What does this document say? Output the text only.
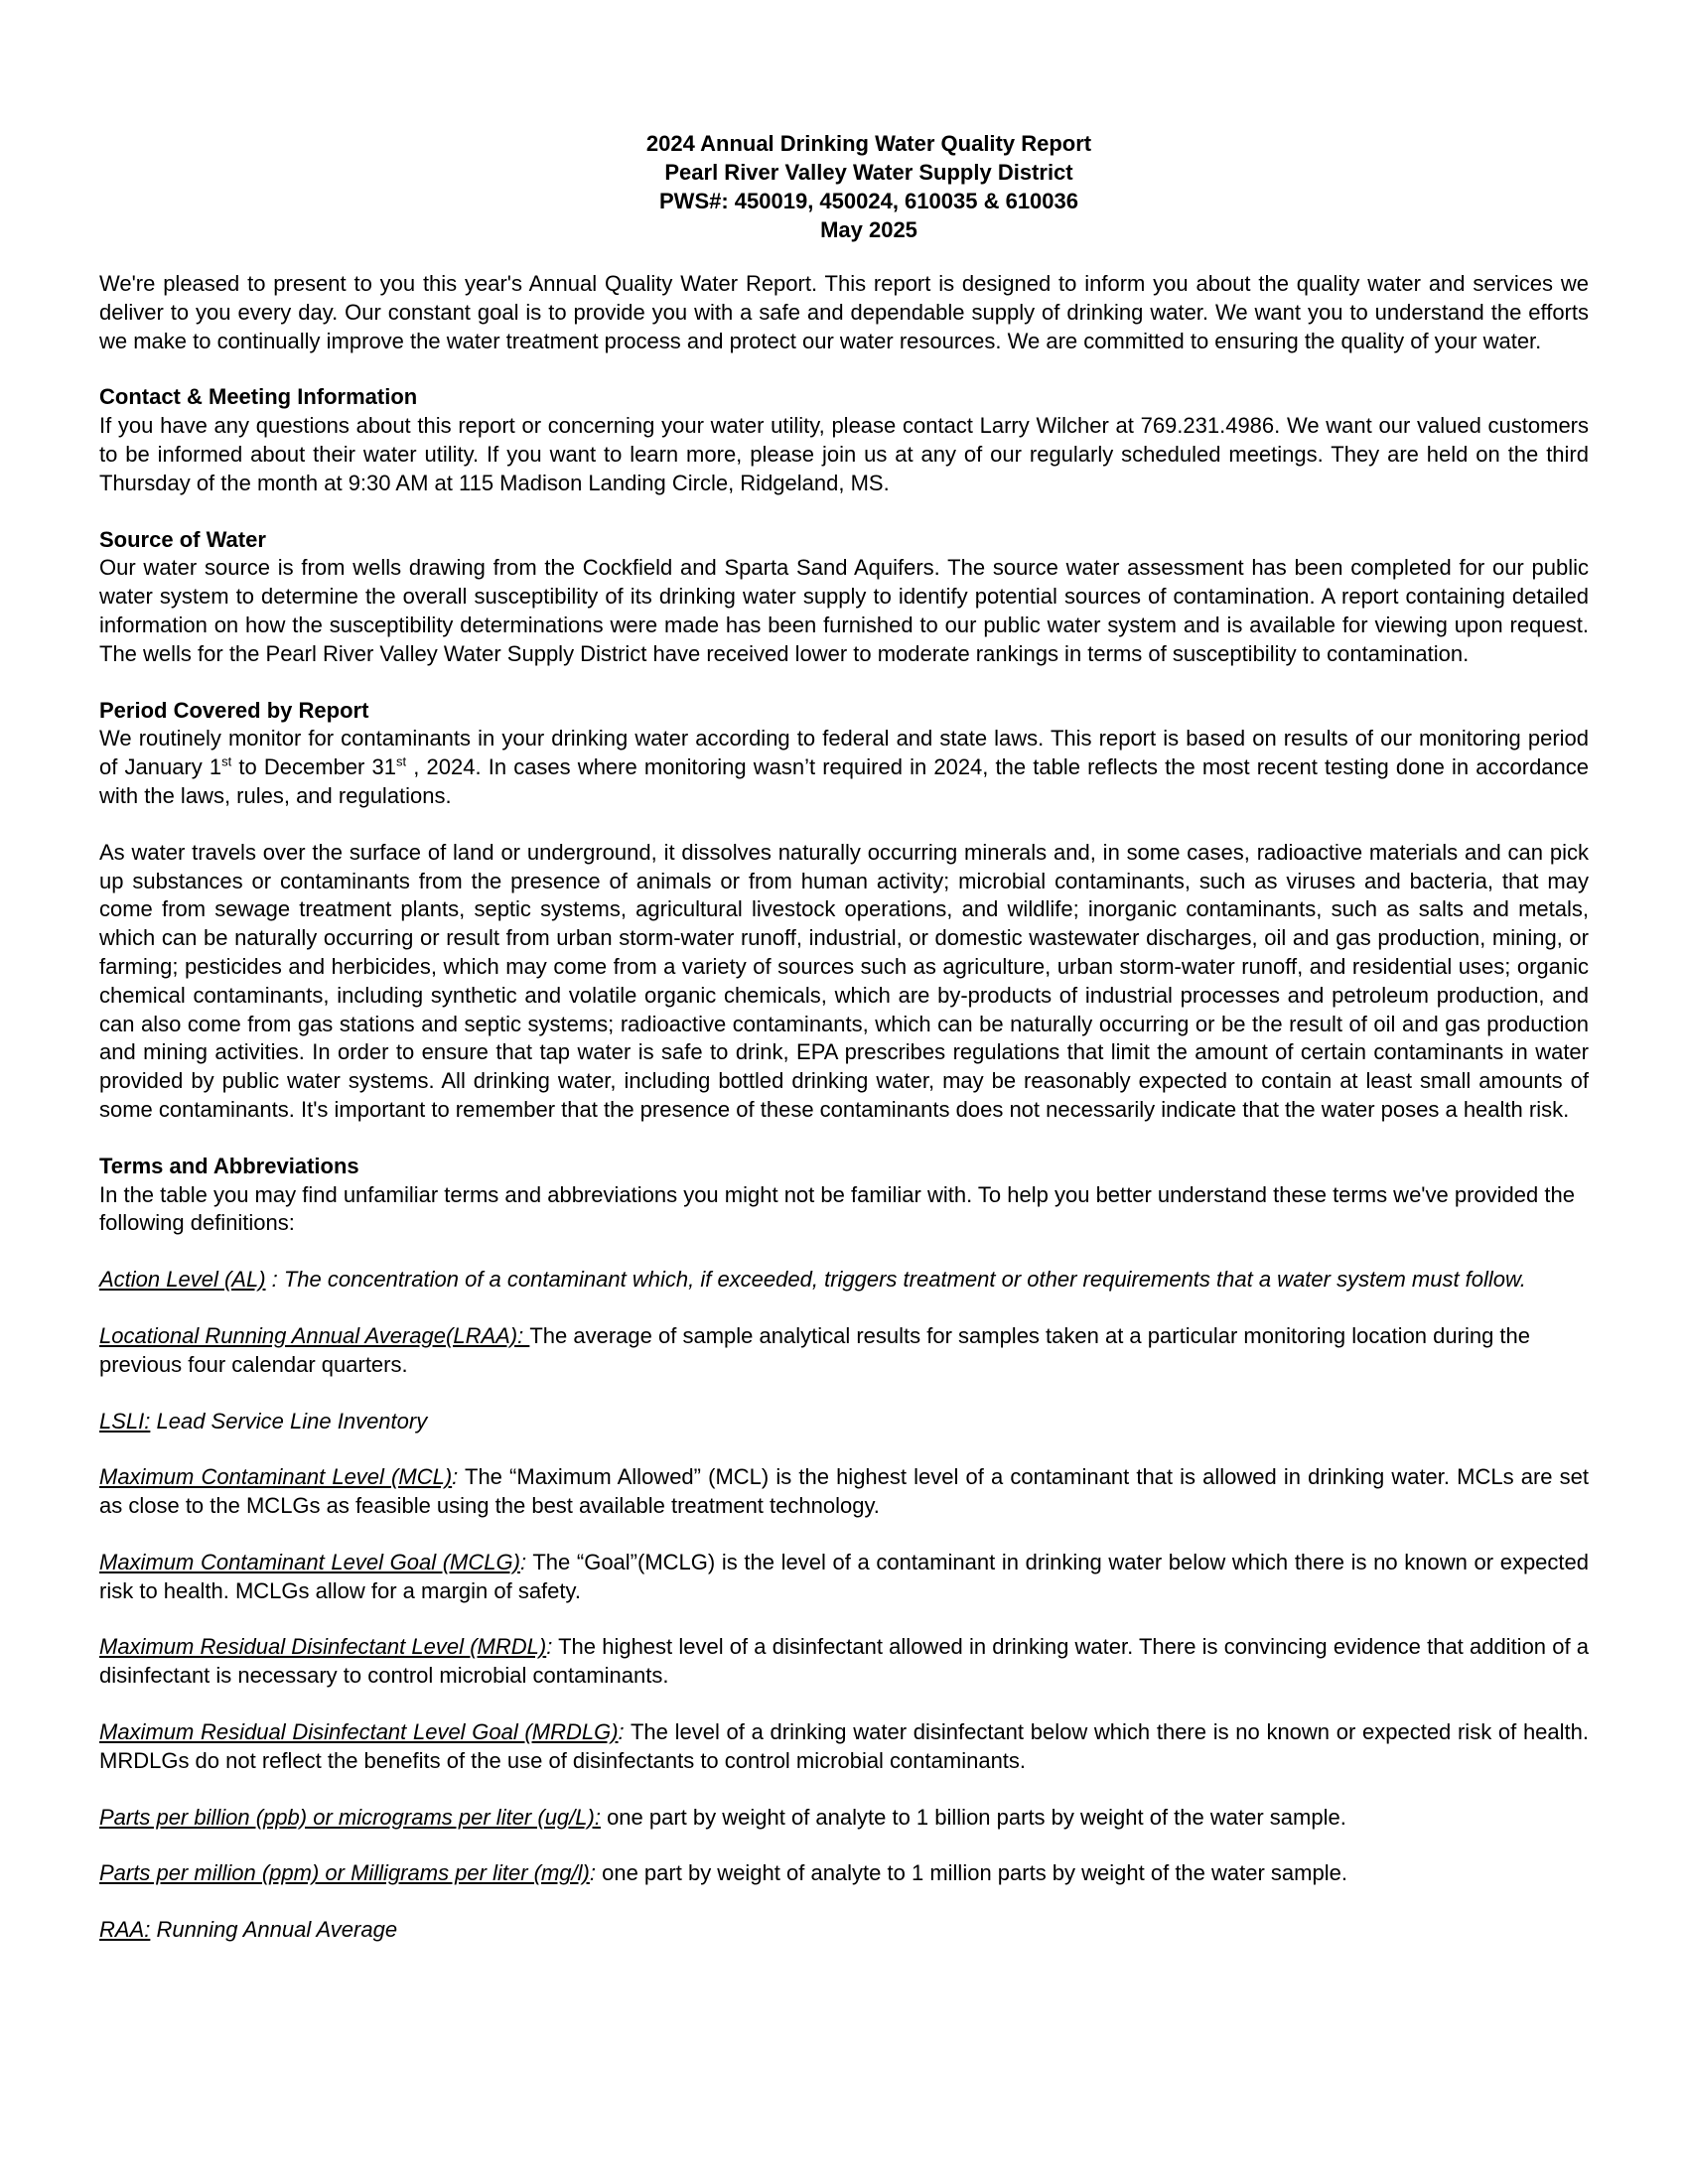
2024 Annual Drinking Water Quality Report
Pearl River Valley Water Supply District
PWS#: 450019, 450024, 610035 & 610036
May 2025

We're pleased to present to you this year's Annual Quality Water Report. This report is designed to inform you about the quality water and services we deliver to you every day. Our constant goal is to provide you with a safe and dependable supply of drinking water. We want you to understand the efforts we make to continually improve the water treatment process and protect our water resources. We are committed to ensuring the quality of your water.

Contact & Meeting Information

If you have any questions about this report or concerning your water utility, please contact Larry Wilcher at 769.231.4986. We want our valued customers to be informed about their water utility. If you want to learn more, please join us at any of our regularly scheduled meetings. They are held on the third Thursday of the month at 9:30 AM at 115 Madison Landing Circle, Ridgeland, MS.

Source of Water

Our water source is from wells drawing from the Cockfield and Sparta Sand Aquifers. The source water assessment has been completed for our public water system to determine the overall susceptibility of its drinking water supply to identify potential sources of contamination. A report containing detailed information on how the susceptibility determinations were made has been furnished to our public water system and is available for viewing upon request. The wells for the Pearl River Valley Water Supply District have received lower to moderate rankings in terms of susceptibility to contamination.

Period Covered by Report

We routinely monitor for contaminants in your drinking water according to federal and state laws. This report is based on results of our monitoring period of January 1st to December 31st , 2024. In cases where monitoring wasn’t required in 2024, the table reflects the most recent testing done in accordance with the laws, rules, and regulations.

As water travels over the surface of land or underground, it dissolves naturally occurring minerals and, in some cases, radioactive materials and can pick up substances or contaminants from the presence of animals or from human activity; microbial contaminants, such as viruses and bacteria, that may come from sewage treatment plants, septic systems, agricultural livestock operations, and wildlife; inorganic contaminants, such as salts and metals, which can be naturally occurring or result from urban storm-water runoff, industrial, or domestic wastewater discharges, oil and gas production, mining, or farming; pesticides and herbicides, which may come from a variety of sources such as agriculture, urban storm-water runoff, and residential uses; organic chemical contaminants, including synthetic and volatile organic chemicals, which are by-products of industrial processes and petroleum production, and can also come from gas stations and septic systems; radioactive contaminants, which can be naturally occurring or be the result of oil and gas production and mining activities. In order to ensure that tap water is safe to drink, EPA prescribes regulations that limit the amount of certain contaminants in water provided by public water systems. All drinking water, including bottled drinking water, may be reasonably expected to contain at least small amounts of some contaminants. It's important to remember that the presence of these contaminants does not necessarily indicate that the water poses a health risk.

Terms and Abbreviations

In the table you may find unfamiliar terms and abbreviations you might not be familiar with. To help you better understand these terms we've provided the following definitions:

Action Level (AL) : The concentration of a contaminant which, if exceeded, triggers treatment or other requirements that a water system must follow.

Locational Running Annual Average(LRAA): The average of sample analytical results for samples taken at a particular monitoring location during the previous four calendar quarters.

LSLI: Lead Service Line Inventory

Maximum Contaminant Level (MCL): The “Maximum Allowed” (MCL) is the highest level of a contaminant that is allowed in drinking water. MCLs are set as close to the MCLGs as feasible using the best available treatment technology.

Maximum Contaminant Level Goal (MCLG): The “Goal”(MCLG) is the level of a contaminant in drinking water below which there is no known or expected risk to health. MCLGs allow for a margin of safety.

Maximum Residual Disinfectant Level (MRDL): The highest level of a disinfectant allowed in drinking water. There is convincing evidence that addition of a disinfectant is necessary to control microbial contaminants.

Maximum Residual Disinfectant Level Goal (MRDLG): The level of a drinking water disinfectant below which there is no known or expected risk of health. MRDLGs do not reflect the benefits of the use of disinfectants to control microbial contaminants.

Parts per billion (ppb) or micrograms per liter (ug/L): one part by weight of analyte to 1 billion parts by weight of the water sample.

Parts per million (ppm) or Milligrams per liter (mg/l): one part by weight of analyte to 1 million parts by weight of the water sample.

RAA: Running Annual Average
